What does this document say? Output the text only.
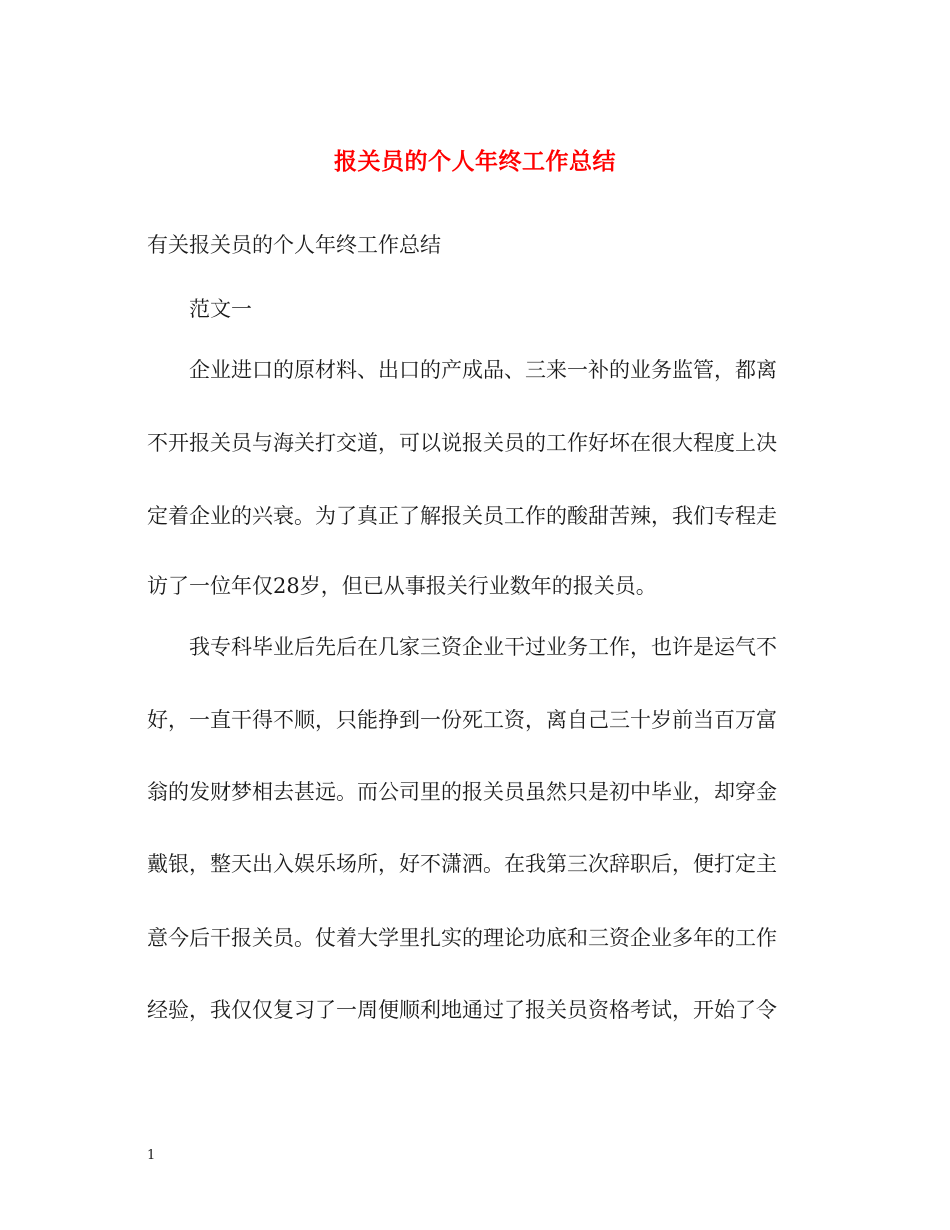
报关员的个人年终工作总结
有关报关员的个人年终工作总结
范文一
企业进口的原材料、出口的产成品、三来一补的业务监管，都离
不开报关员与海关打交道，可以说报关员的工作好坏在很大程度上决
定着企业的兴衰。为了真正了解报关员工作的酸甜苦辣，我们专程走
访了一位年仅28岁，但已从事报关行业数年的报关员。
我专科毕业后先后在几家三资企业干过业务工作，也许是运气不
好，一直干得不顺，只能挣到一份死工资，离自己三十岁前当百万富
翁的发财梦相去甚远。而公司里的报关员虽然只是初中毕业，却穿金
戴银，整天出入娱乐场所，好不潇洒。在我第三次辞职后，便打定主
意今后干报关员。仗着大学里扎实的理论功底和三资企业多年的工作
经验，我仅仅复习了一周便顺利地通过了报关员资格考试，开始了令
1
